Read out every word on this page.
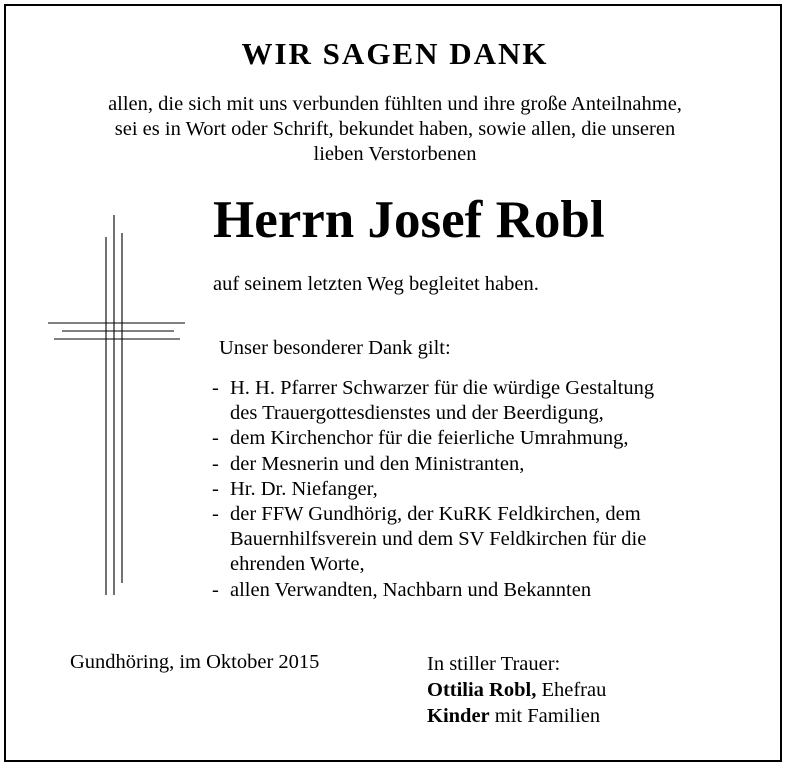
WIR SAGEN DANK
allen, die sich mit uns verbunden fühlten und ihre große Anteilnahme,
sei es in Wort oder Schrift, bekundet haben, sowie allen, die unseren
lieben Verstorbenen
Herrn Josef Robl
auf seinem letzten Weg begleitet haben.
Unser besonderer Dank gilt:
- H. H. Pfarrer Schwarzer für die würdige Gestaltung
des Trauergottesdienstes und der Beerdigung,
- dem Kirchenchor für die feierliche Umrahmung,
- der Mesnerin und den Ministranten,
- Hr. Dr. Niefanger,
- der FFW Gundhörig, der KuRK Feldkirchen, dem
Bauernhilfsverein und dem SV Feldkirchen für die
ehrenden Worte,
- allen Verwandten, Nachbarn und Bekannten
Gundhöring, im Oktober 2015	In stiller Trauer:
Ottilia Robl, Ehefrau
Kinder mit Familien
